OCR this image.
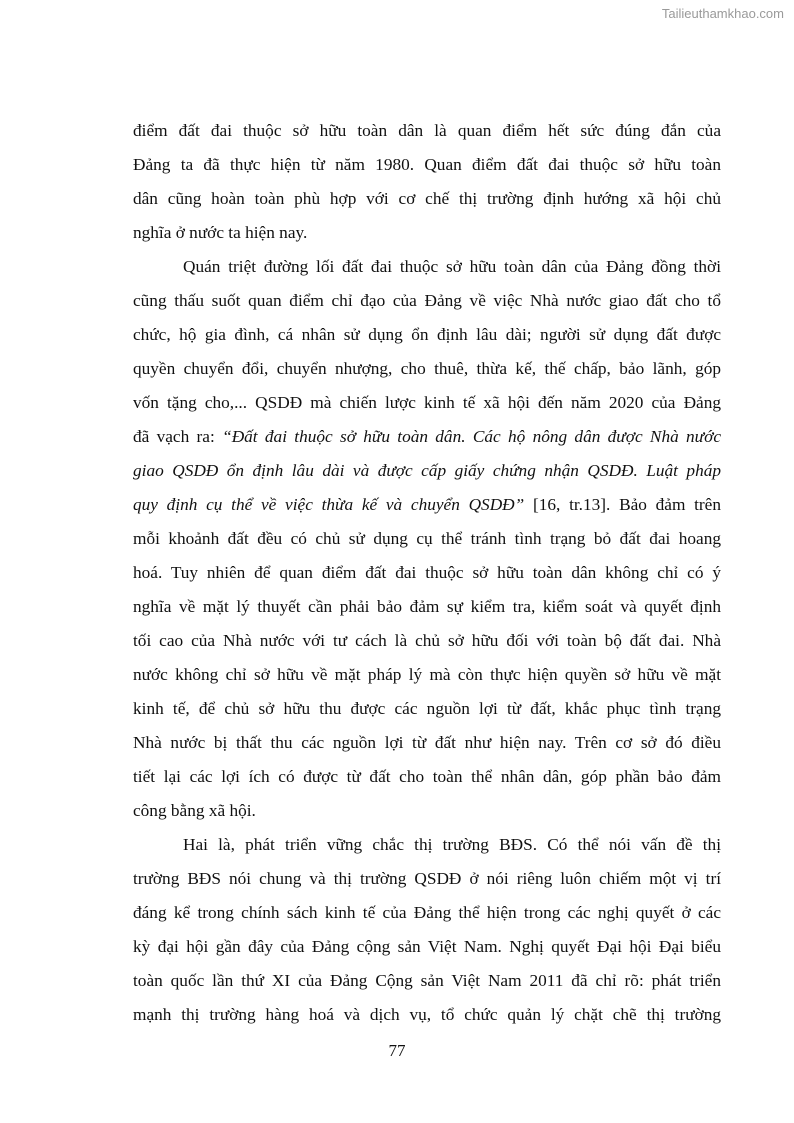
Tailieuthamkhao.com

điểm đất đai thuộc sở hữu toàn dân là quan điểm hết sức đúng đắn của
Đảng ta đã thực hiện từ năm 1980. Quan điểm đất đai thuộc sở hữu toàn
dân cũng hoàn toàn phù hợp với cơ chế thị trường định hướng xã hội chủ
nghĩa ở nước ta hiện nay.

Quán triệt đường lối đất đai thuộc sở hữu toàn dân của Đảng đồng thời
cũng thấu suốt quan điểm chỉ đạo của Đảng về việc Nhà nước giao đất cho tổ
chức, hộ gia đình, cá nhân sử dụng ổn định lâu dài; người sử dụng đất được
quyền chuyển đổi, chuyển nhượng, cho thuê, thừa kế, thế chấp, bảo lãnh, góp
vốn tặng cho,... QSDĐ mà chiến lược kinh tế xã hội đến năm 2020 của Đảng
đã vạch ra: “Đất đai thuộc sở hữu toàn dân. Các hộ nông dân được Nhà nước
giao QSDĐ ổn định lâu dài và được cấp giấy chứng nhận QSDĐ. Luật pháp
quy định cụ thể về việc thừa kế và chuyển QSDĐ” [16, tr.13]. Bảo đảm trên
mỗi khoảnh đất đều có chủ sử dụng cụ thể tránh tình trạng bỏ đất đai hoang
hoá. Tuy nhiên để quan điểm đất đai thuộc sở hữu toàn dân không chỉ có ý
nghĩa về mặt lý thuyết cần phải bảo đảm sự kiểm tra, kiểm soát và quyết định
tối cao của Nhà nước với tư cách là chủ sở hữu đối với toàn bộ đất đai. Nhà
nước không chỉ sở hữu về mặt pháp lý mà còn thực hiện quyền sở hữu về mặt
kinh tế, để chủ sở hữu thu được các nguồn lợi từ đất, khắc phục tình trạng
Nhà nước bị thất thu các nguồn lợi từ đất như hiện nay. Trên cơ sở đó điều
tiết lại các lợi ích có được từ đất cho toàn thể nhân dân, góp phần bảo đảm
công bằng xã hội.

Hai là, phát triển vững chắc thị trường BĐS. Có thể nói vấn đề thị
trường BĐS nói chung và thị trường QSDĐ ở nói riêng luôn chiếm một vị trí
đáng kể trong chính sách kinh tế của Đảng thể hiện trong các nghị quyết ở các
kỳ đại hội gần đây của Đảng cộng sản Việt Nam. Nghị quyết Đại hội Đại biểu
toàn quốc lần thứ XI của Đảng Cộng sản Việt Nam 2011 đã chỉ rõ: phát triển
mạnh thị trường hàng hoá và dịch vụ, tổ chức quản lý chặt chẽ thị trường

77
